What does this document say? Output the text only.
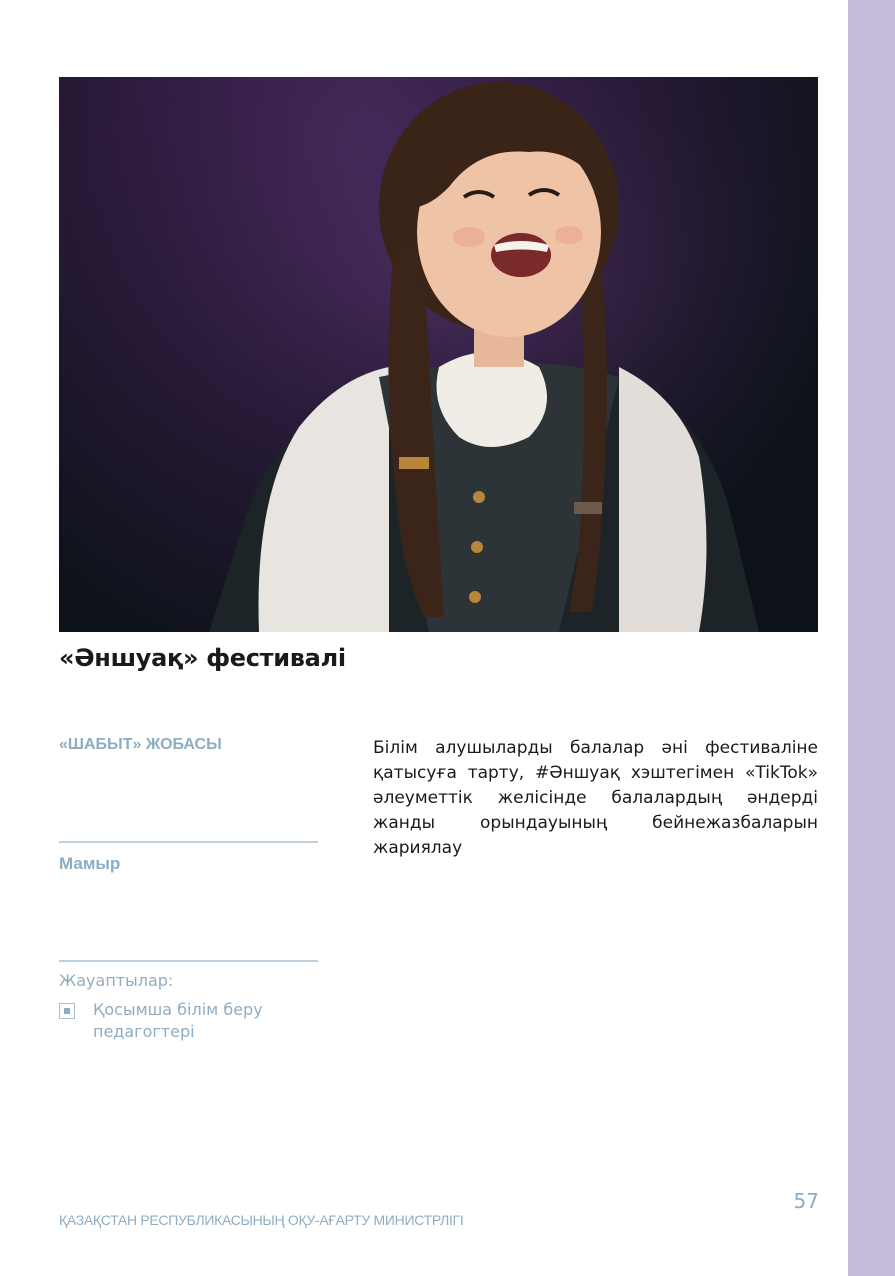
«Әншуақ» фестивалі
«ШАБЫТ» ЖОБАСЫ
Мамыр
Жауаптылар:
Қосымша білім беру педагогтері
Білім алушыларды балалар әні фестиваліне қатысуға тарту, #Әншуақ хэштегімен «TikTok» әлеуметтік желісінде балалардың әндерді жанды орындауының бейнежазбаларын жариялау
57
ҚАЗАҚСТАН РЕСПУБЛИКАСЫНЫҢ ОҚУ-АҒАРТУ МИНИСТРЛІГІ
